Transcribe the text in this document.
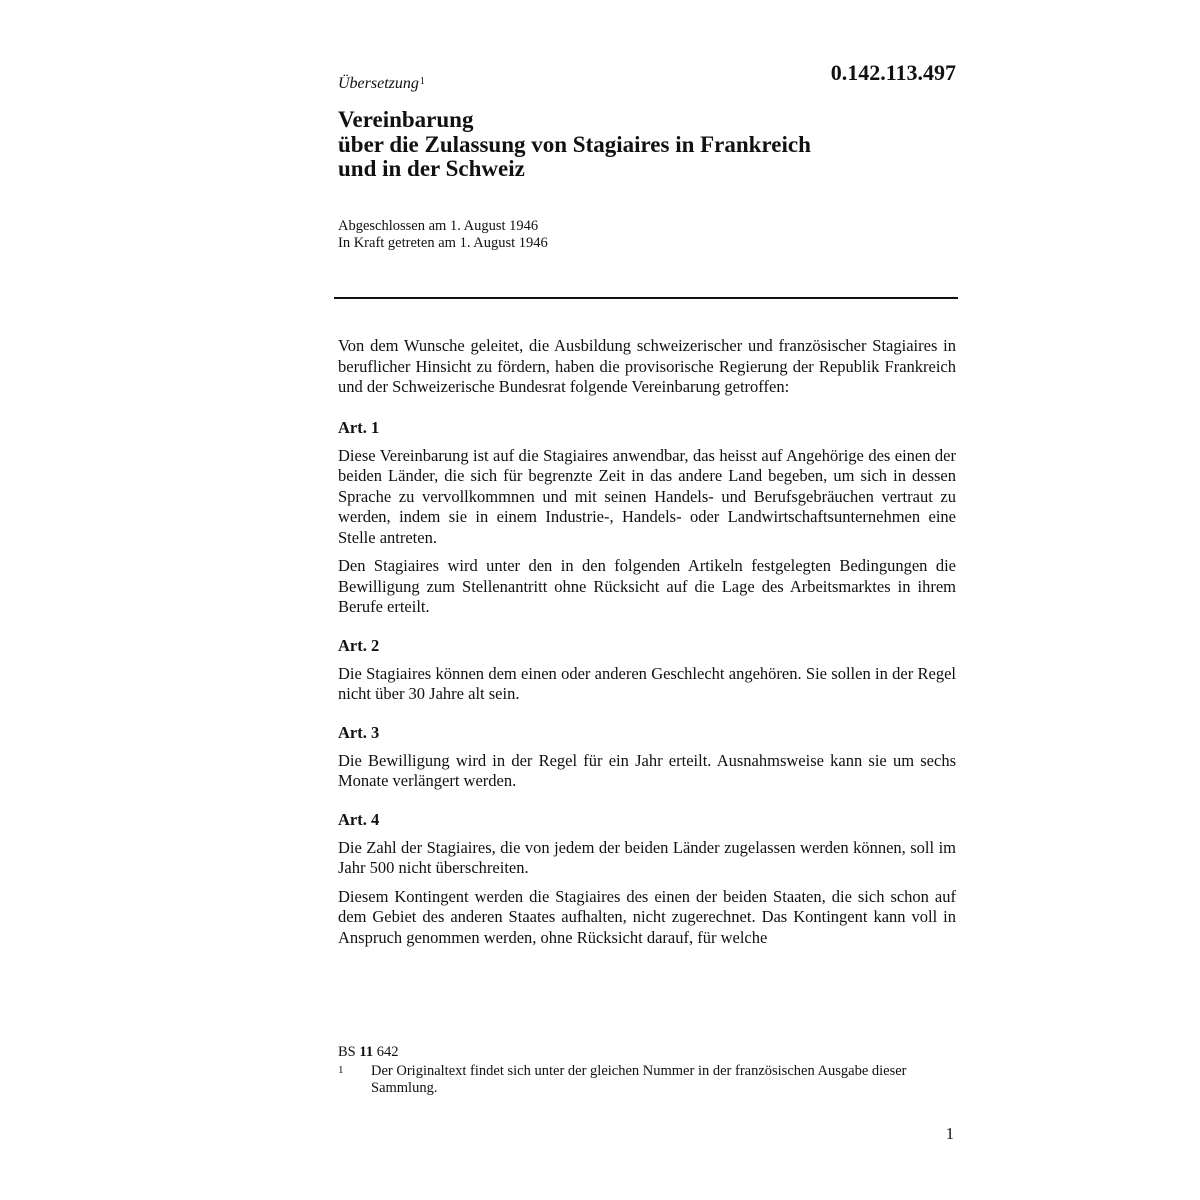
Übersetzung$^1$	0.142.113.497
Vereinbarung
über die Zulassung von Stagiaires in Frankreich
und in der Schweiz
Abgeschlossen am 1. August 1946
In Kraft getreten am 1. August 1946

Von dem Wunsche geleitet, die Ausbildung schweizerischer und französischer Stagiaires in beruflicher Hinsicht zu fördern, haben die provisorische Regierung der Republik Frankreich und der Schweizerische Bundesrat folgende Vereinbarung getroffen:

Art. 1

Diese Vereinbarung ist auf die Stagiaires anwendbar, das heisst auf Angehörige des einen der beiden Länder, die sich für begrenzte Zeit in das andere Land begeben, um sich in dessen Sprache zu vervollkommnen und mit seinen Handels- und Berufsgebräuchen vertraut zu werden, indem sie in einem Industrie-, Handels- oder Landwirtschaftsunternehmen eine Stelle antreten.

Den Stagiaires wird unter den in den folgenden Artikeln festgelegten Bedingungen die Bewilligung zum Stellenantritt ohne Rücksicht auf die Lage des Arbeitsmarktes in ihrem Berufe erteilt.

Art. 2

Die Stagiaires können dem einen oder anderen Geschlecht angehören. Sie sollen in der Regel nicht über 30 Jahre alt sein.

Art. 3

Die Bewilligung wird in der Regel für ein Jahr erteilt. Ausnahmsweise kann sie um sechs Monate verlängert werden.

Art. 4

Die Zahl der Stagiaires, die von jedem der beiden Länder zugelassen werden können, soll im Jahr 500 nicht überschreiten.

Diesem Kontingent werden die Stagiaires des einen der beiden Staaten, die sich schon auf dem Gebiet des anderen Staates aufhalten, nicht zugerechnet. Das Kontingent kann voll in Anspruch genommen werden, ohne Rücksicht darauf, für welche

BS 11 642
1	Der Originaltext findet sich unter der gleichen Nummer in der französischen Ausgabe dieser Sammlung.
1
